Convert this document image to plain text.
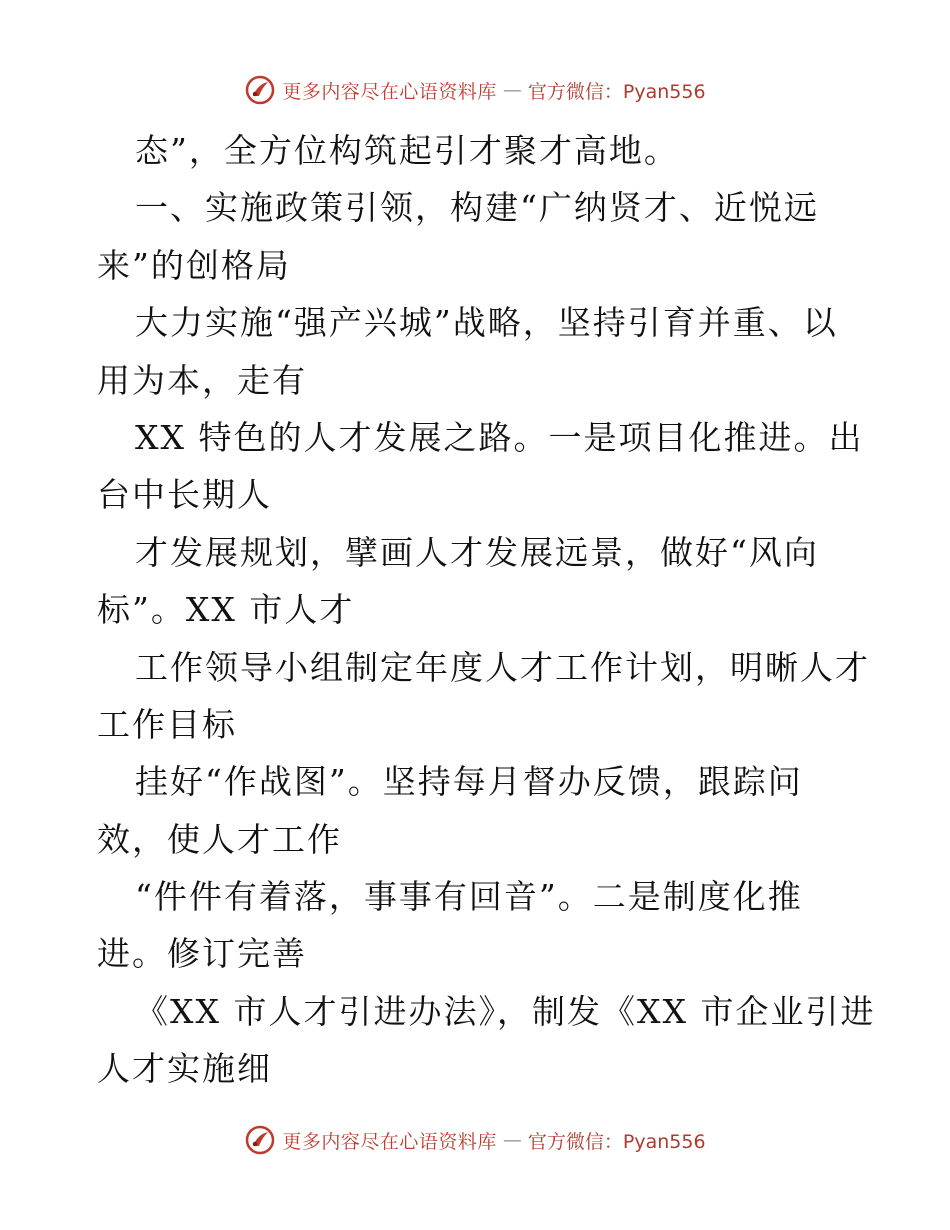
更多内容尽在心语资料库 — 官方微信：Pyan556
态”，全方位构筑起引才聚才高地。
一、实施政策引领，构建“广纳贤才、近悦远
来”的创格局
大力实施“强产兴城”战略，坚持引育并重、以
用为本，走有
XX 特色的人才发展之路。一是项目化推进。出
台中长期人
才发展规划，擘画人才发展远景，做好“风向
标”。XX 市人才
工作领导小组制定年度人才工作计划，明晰人才
工作目标
挂好“作战图”。坚持每月督办反馈，跟踪问
效，使人才工作
“件件有着落，事事有回音”。二是制度化推
进。修订完善
《XX 市人才引进办法》，制发《XX 市企业引进
人才实施细
更多内容尽在心语资料库 — 官方微信：Pyan556
